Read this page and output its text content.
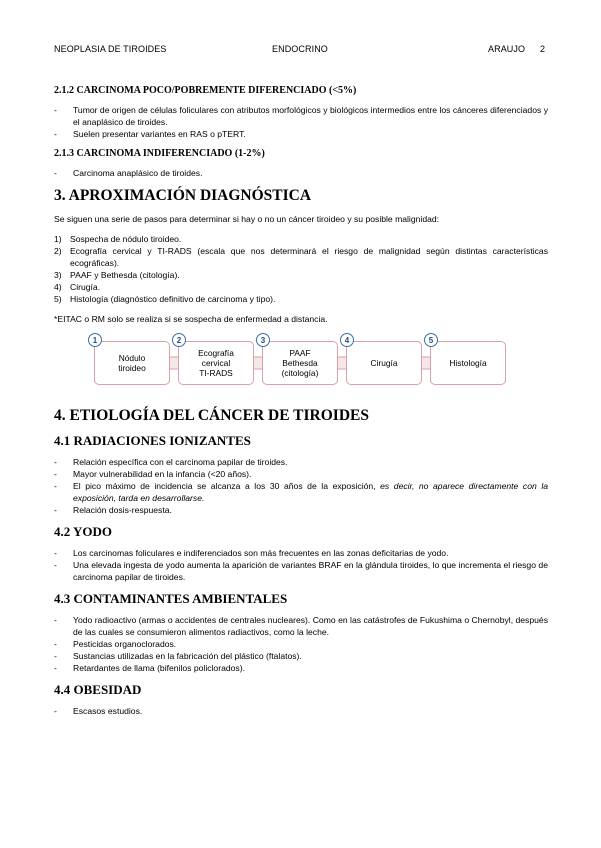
NEOPLASIA DE TIROIDES	ENDOCRINO	ARAUJO 2
2.1.2 CARCINOMA POCO/POBREMENTE DIFERENCIADO (<5%)
- Tumor de origen de células foliculares con atributos morfológicos y biológicos intermedios entre los cánceres diferenciados y el anaplásico de tiroides.
- Suelen presentar variantes en RAS o pTERT.
2.1.3 CARCINOMA INDIFERENCIADO (1-2%)
- Carcinoma anaplásico de tiroides.
3. APROXIMACIÓN DIAGNÓSTICA

Se siguen una serie de pasos para determinar si hay o no un cáncer tiroideo y su posible malignidad:

1) Sospecha de nódulo tiroideo.
2) Ecografía cervical y TI-RADS (escala que nos determinará el riesgo de malignidad según distintas características ecográficas).
3) PAAF y Bethesda (citología).
4) Cirugía.
5) Histología (diagnóstico definitivo de carcinoma y tipo).

*EITAC o RM solo se realiza si se sospecha de enfermedad a distancia.

Nódulo
tiroideo
1
Ecografía
cervical
TI-RADS
2
PAAF
Bethesda
(citología)
3
Cirugía
4
Histología
5
4. ETIOLOGÍA DEL CÁNCER DE TIROIDES
4.1 RADIACIONES IONIZANTES
- Relación específica con el carcinoma papilar de tiroides.
- Mayor vulnerabilidad en la infancia (<20 años).
- El pico máximo de incidencia se alcanza a los 30 años de la exposición, es decir, no aparece directamente con la exposición, tarda en desarrollarse.
- Relación dosis-respuesta.
4.2 YODO
- Los carcinomas foliculares e indiferenciados son más frecuentes en las zonas deficitarias de yodo.
- Una elevada ingesta de yodo aumenta la aparición de variantes BRAF en la glándula tiroides, lo que incrementa el riesgo de carcinoma papilar de tiroides.
4.3 CONTAMINANTES AMBIENTALES
- Yodo radioactivo (armas o accidentes de centrales nucleares). Como en las catástrofes de Fukushima o Chernobyl, después de las cuales se consumieron alimentos radiactivos, como la leche.
- Pesticidas organoclorados.
- Sustancias utilizadas en la fabricación del plástico (ftalatos).
- Retardantes de llama (bifenilos policlorados).
4.4 OBESIDAD
- Escasos estudios.
